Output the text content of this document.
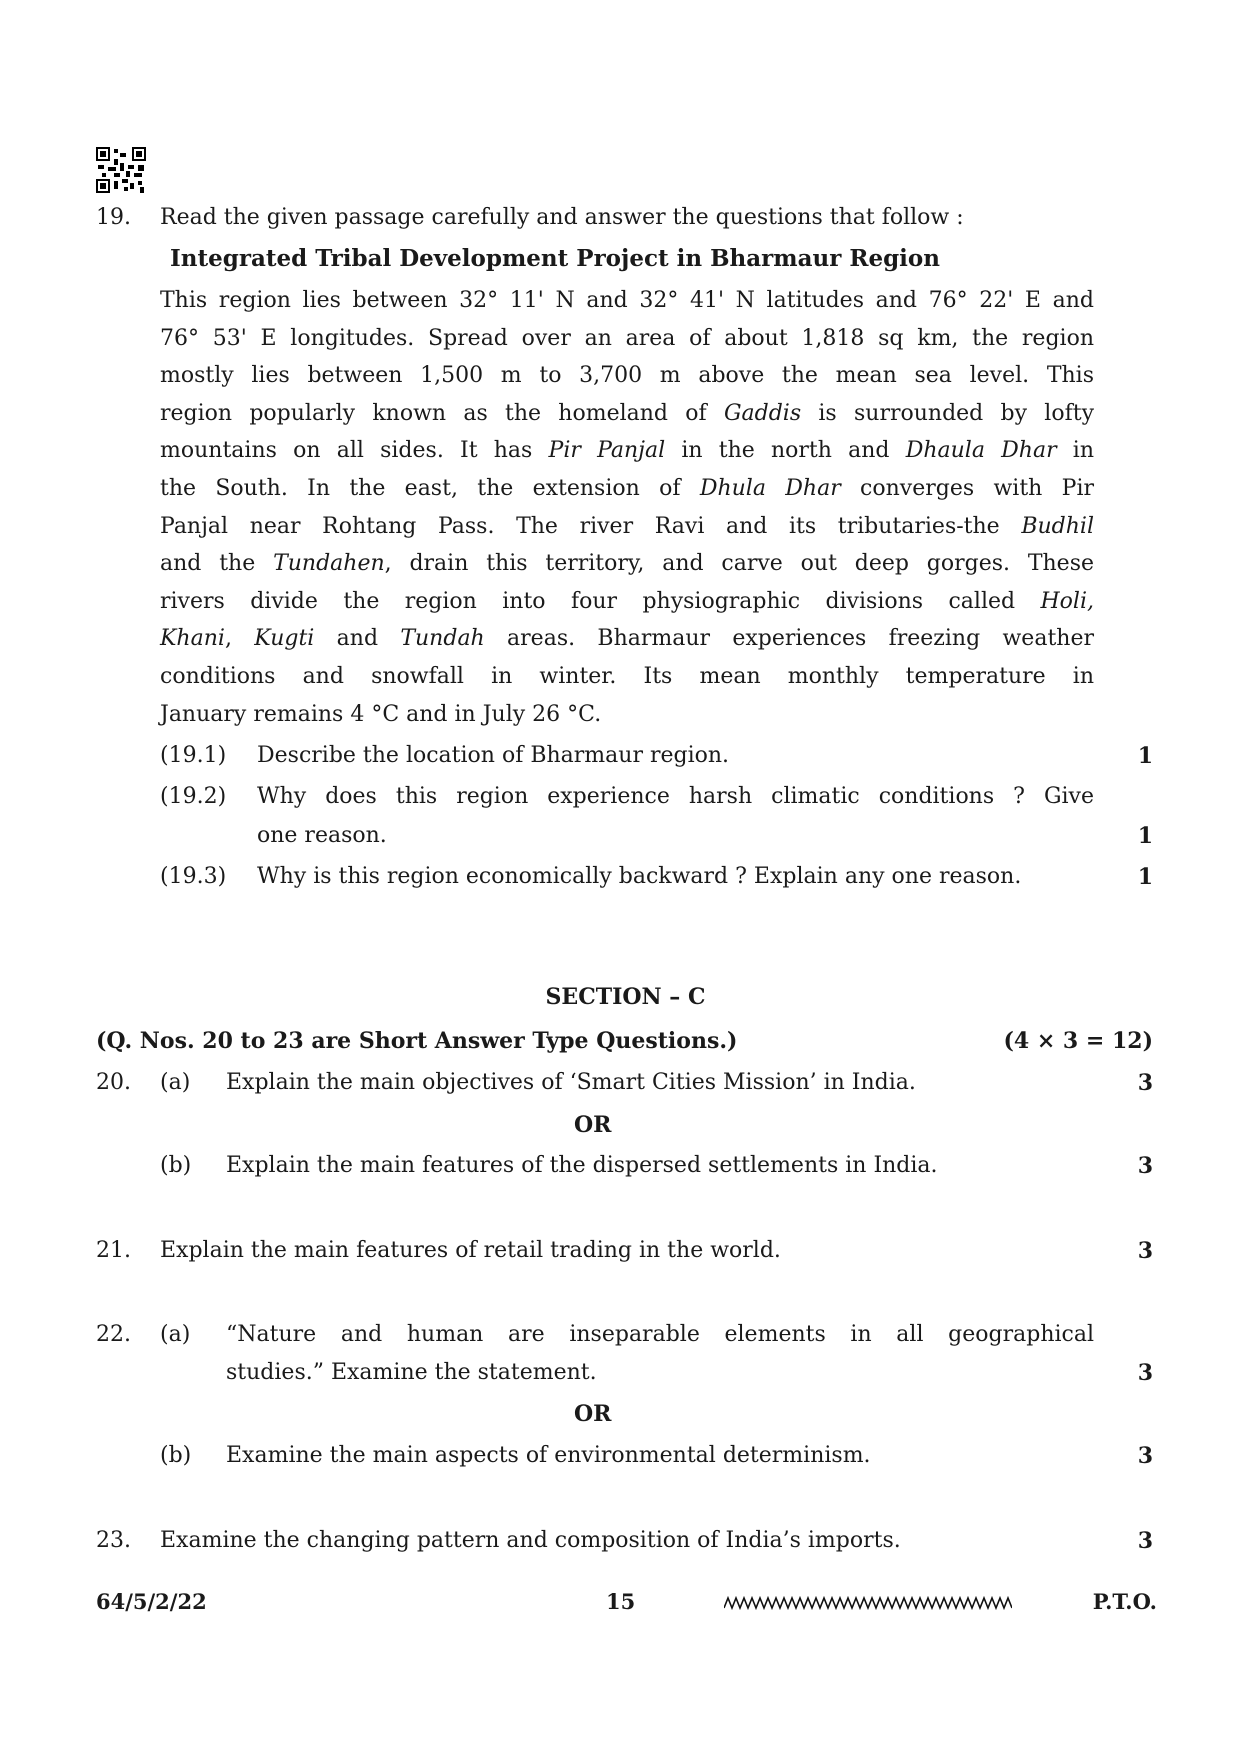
19. Read the given passage carefully and answer the questions that follow :
Integrated Tribal Development Project in Bharmaur Region
This region lies between 32° 11' N and 32° 41' N latitudes and 76° 22' E and
76° 53' E longitudes. Spread over an area of about 1,818 sq km, the region
mostly lies between 1,500 m to 3,700 m above the mean sea level. This
region popularly known as the homeland of Gaddis is surrounded by lofty
mountains on all sides. It has Pir Panjal in the north and Dhaula Dhar in
the South. In the east, the extension of Dhula Dhar converges with Pir
Panjal near Rohtang Pass. The river Ravi and its tributaries-the Budhil
and the Tundahen, drain this territory, and carve out deep gorges. These
rivers divide the region into four physiographic divisions called Holi,
Khani, Kugti and Tundah areas. Bharmaur experiences freezing weather
conditions and snowfall in winter. Its mean monthly temperature in
January remains 4 °C and in July 26 °C.
(19.1) Describe the location of Bharmaur region.	1
(19.2) Why does this region experience harsh climatic conditions ? Give
one reason.	1
(19.3) Why is this region economically backward ? Explain any one reason.	1
SECTION – C
(Q. Nos. 20 to 23 are Short Answer Type Questions.)	(4 × 3 = 12)
20. (a) Explain the main objectives of ‘Smart Cities Mission’ in India.	3
OR
(b) Explain the main features of the dispersed settlements in India.	3
21. Explain the main features of retail trading in the world.	3
22. (a) “Nature and human are inseparable elements in all geographical
studies.” Examine the statement.	3
OR
(b) Examine the main aspects of environmental determinism.	3
23. Examine the changing pattern and composition of India’s imports.	3
64/5/2/22	15	P.T.O.
